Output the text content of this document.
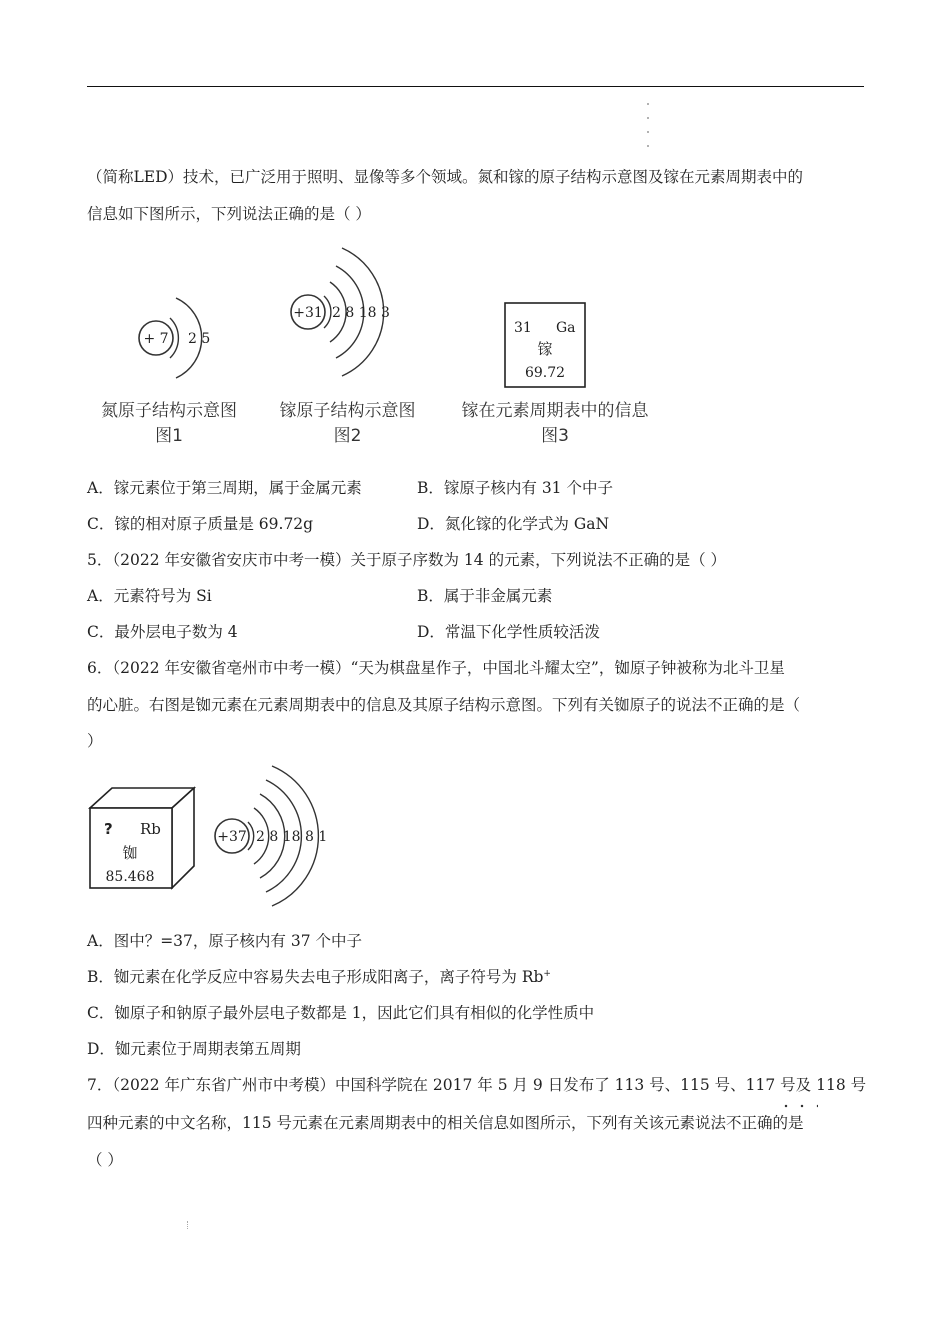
（简称LED）技术，已广泛用于照明、显像等多个领域。氮和镓的原子结构示意图及镓在元素周期表中的
信息如下图所示，下列说法正确的是（ ）
+ 7 2 5
氮原子结构示意图
图1
+31 2 8 18 3
镓原子结构示意图
图2
31 Ga
镓
69.72
镓在元素周期表中的信息
图3
A．镓元素位于第三周期，属于金属元素	B．镓原子核内有 31 个中子
C．镓的相对原子质量是 69.72g	D．氮化镓的化学式为 GaN
5．（2022 年安徽省安庆市中考一模）关于原子序数为 14 的元素，下列说法不正确的是（ ）
A．元素符号为 Si	B．属于非金属元素
C．最外层电子数为 4	D．常温下化学性质较活泼
6．（2022 年安徽省亳州市中考一模）“天为棋盘星作子，中国北斗耀太空”，铷原子钟被称为北斗卫星
的心脏。右图是铷元素在元素周期表中的信息及其原子结构示意图。下列有关铷原子的说法不正确的是（
）
? Rb
铷
85.468
+37 2 8 18 8 1
A．图中？=37，原子核内有 37 个中子
B．铷元素在化学反应中容易失去电子形成阳离子，离子符号为 Rb+
C．铷原子和钠原子最外层电子数都是 1，因此它们具有相似的化学性质中
D．铷元素位于周期表第五周期
7．（2022 年广东省广州市中考模）中国科学院在 2017 年 5 月 9 日发布了 113 号、115 号、117 号及 118 号
四种元素的中文名称，115 号元素在元素周期表中的相关信息如图所示，下列有关该元素说法不正确的是
（ ）
